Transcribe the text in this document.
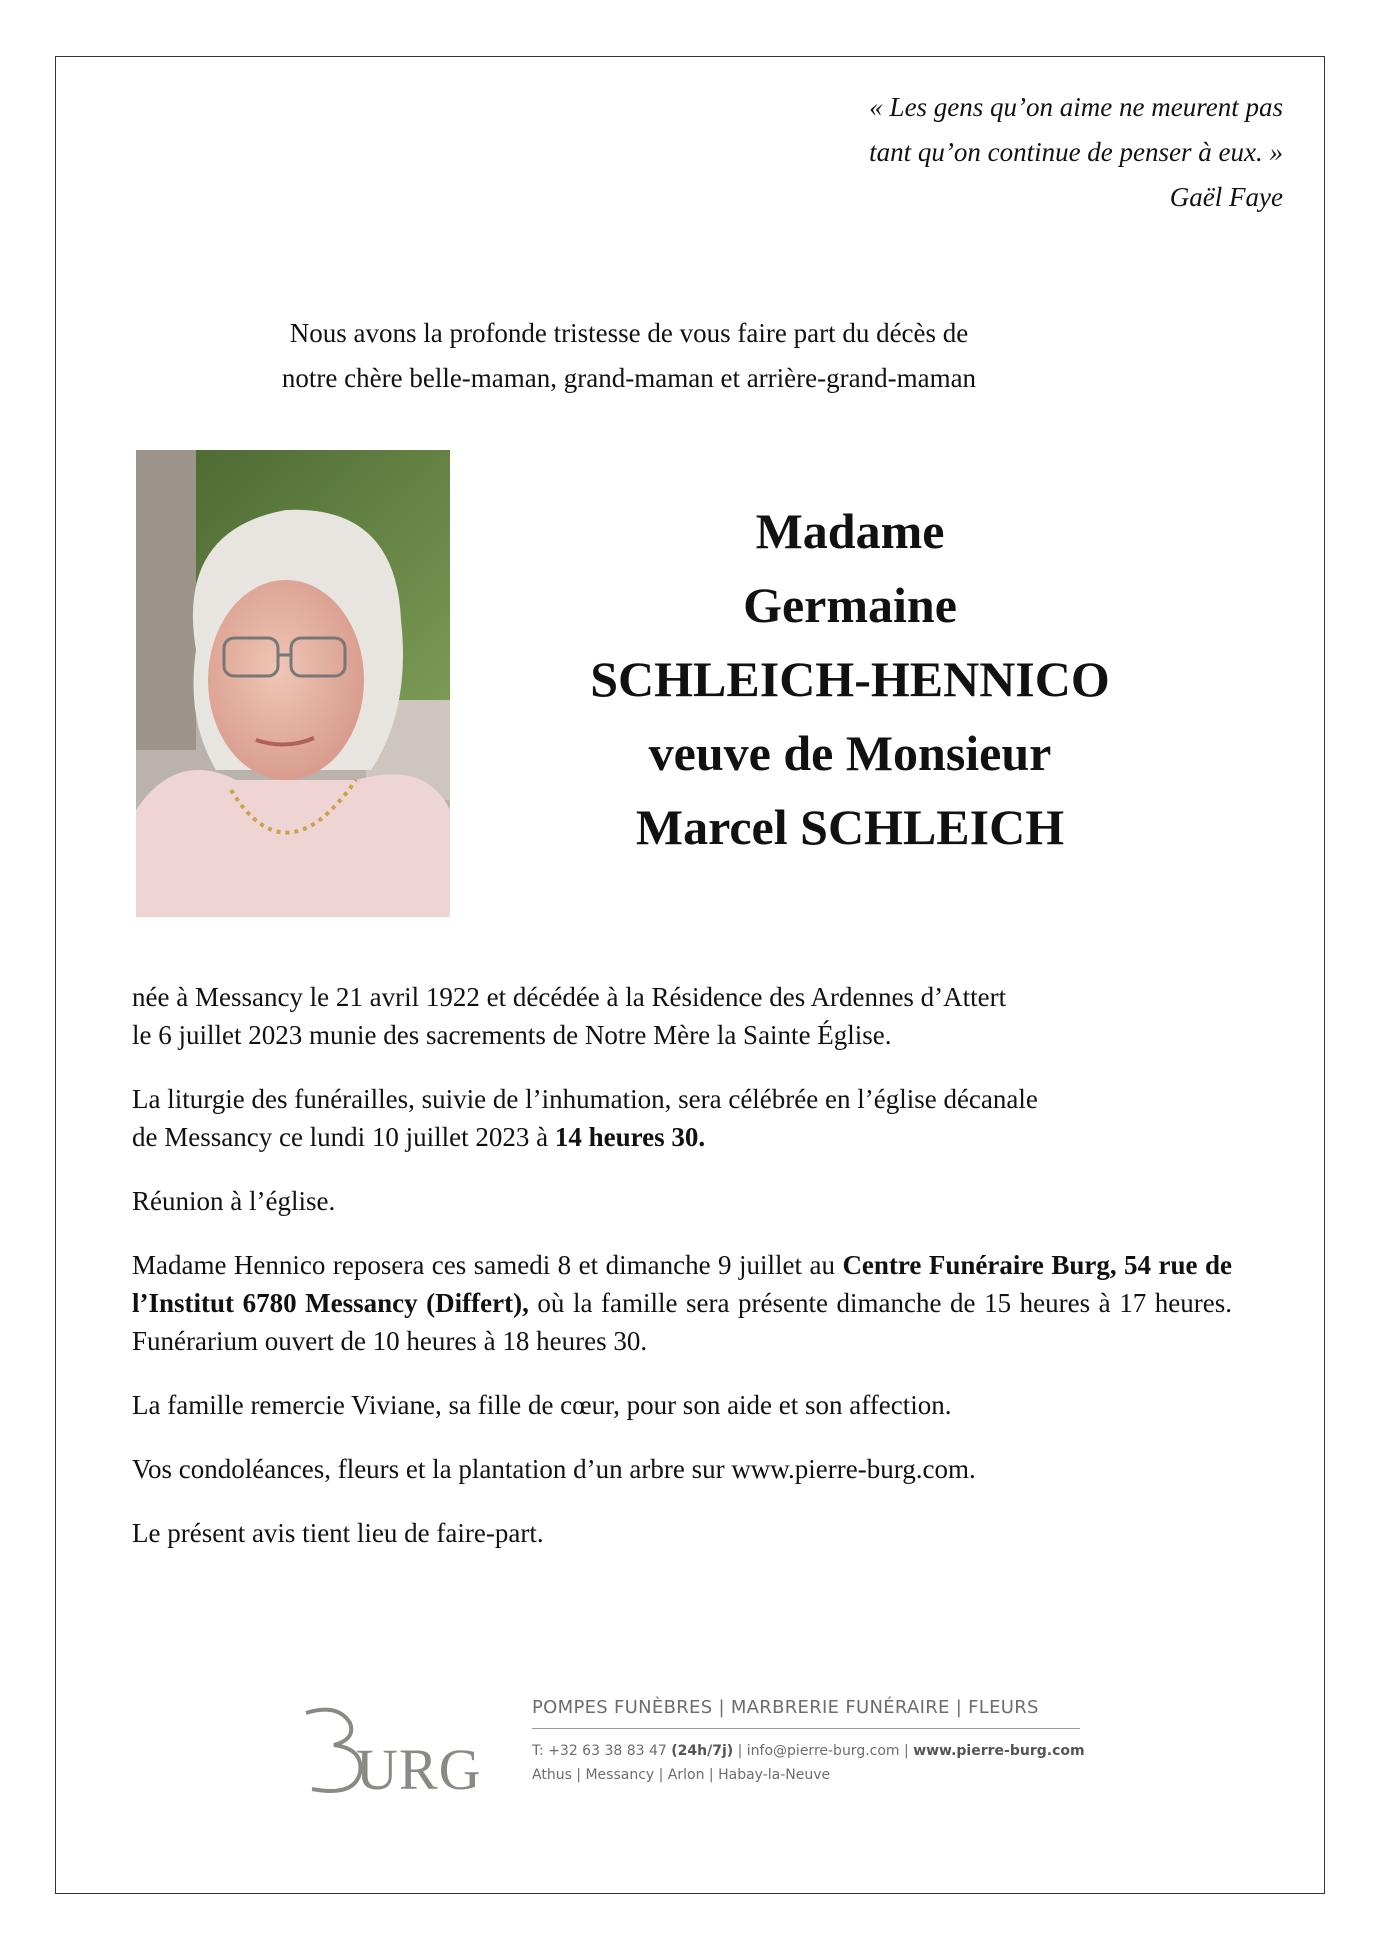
« Les gens qu’on aime ne meurent pas
tant qu’on continue de penser à eux. »
Gaël Faye
Nous avons la profonde tristesse de vous faire part du décès de
notre chère belle-maman, grand-maman et arrière-grand-maman
Madame
Germaine
SCHLEICH-HENNICO
veuve de Monsieur
Marcel SCHLEICH

née à Messancy le 21 avril 1922 et décédée à la Résidence des Ardennes d’Attert
le 6 juillet 2023 munie des sacrements de Notre Mère la Sainte Église.

La liturgie des funérailles, suivie de l’inhumation, sera célébrée en l’église décanale
de Messancy ce lundi 10 juillet 2023 à 14 heures 30.

Réunion à l’église.

Madame Hennico reposera ces samedi 8 et dimanche 9 juillet au Centre Funéraire Burg, 54 rue de l’Institut 6780 Messancy (Differt), où la famille sera présente dimanche de 15 heures à 17 heures. Funérarium ouvert de 10 heures à 18 heures 30.

La famille remercie Viviane, sa fille de cœur, pour son aide et son affection.

Vos condoléances, fleurs et la plantation d’un arbre sur www.pierre-burg.com.

Le présent avis tient lieu de faire-part.

URG
POMPES FUNÈBRES | MARBRERIE FUNÉRAIRE | FLEURS
T: +32 63 38 83 47 (24h/7j) | info@pierre-burg.com | www.pierre-burg.com
Athus | Messancy | Arlon | Habay-la-Neuve
